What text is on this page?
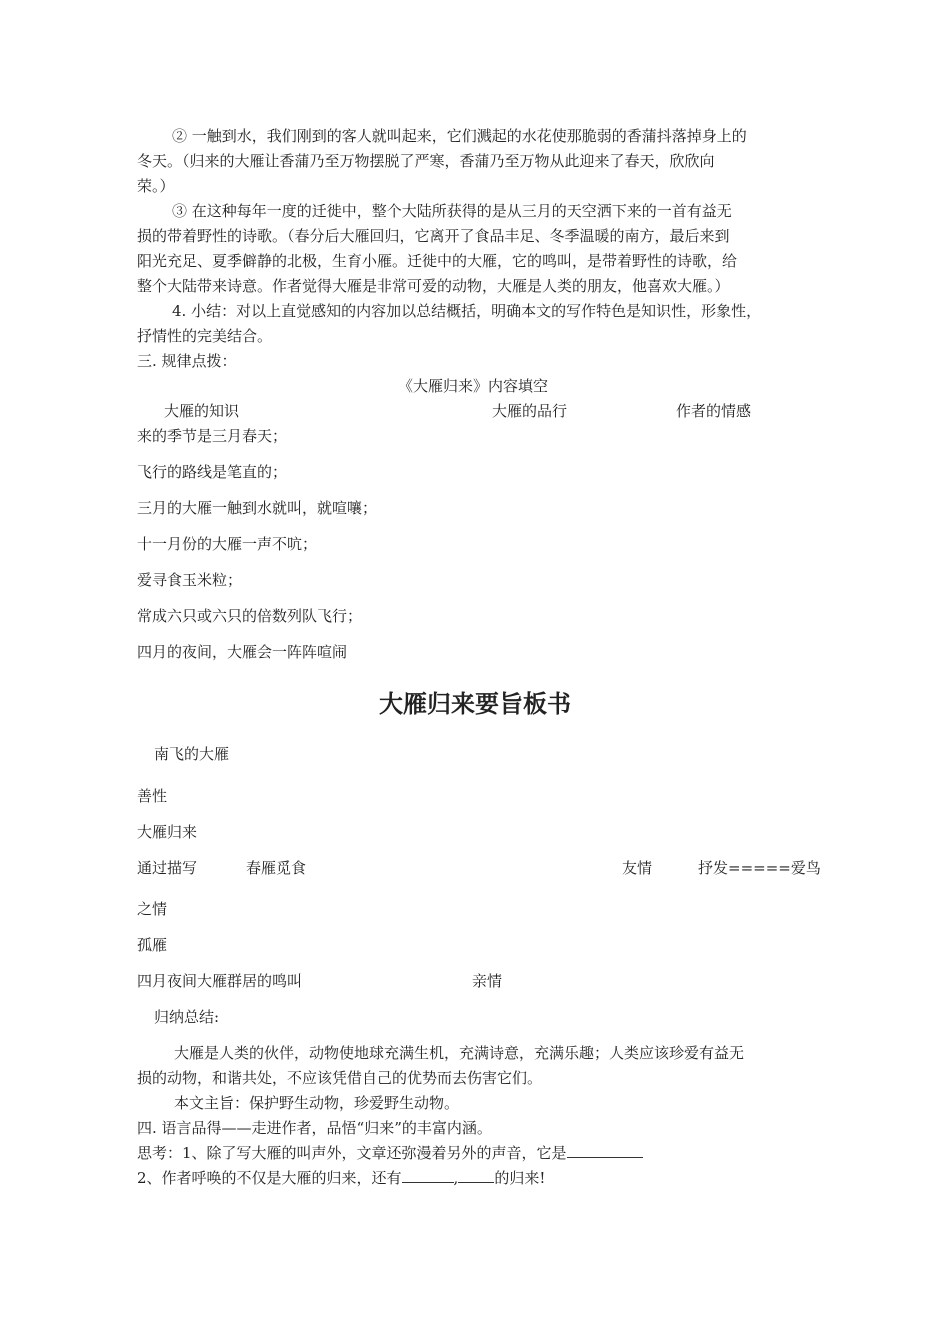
② 一触到水，我们刚到的客人就叫起来，它们溅起的水花使那脆弱的香蒲抖落掉身上的
冬天。（归来的大雁让香蒲乃至万物摆脱了严寒，香蒲乃至万物从此迎来了春天，欣欣向
荣。）
③ 在这种每年一度的迁徙中，整个大陆所获得的是从三月的天空洒下来的一首有益无
损的带着野性的诗歌。（春分后大雁回归，它离开了食品丰足、冬季温暖的南方，最后来到
阳光充足、夏季僻静的北极，生育小雁。迁徙中的大雁，它的鸣叫，是带着野性的诗歌，给
整个大陆带来诗意。作者觉得大雁是非常可爱的动物，大雁是人类的朋友，他喜欢大雁。）
4. 小结：对以上直觉感知的内容加以总结概括，明确本文的写作特色是知识性，形象性，
抒情性的完美结合。
三. 规律点拨：
《大雁归来》内容填空
大雁的知识	大雁的品行	作者的情感
来的季节是三月春天；
飞行的路线是笔直的；
三月的大雁一触到水就叫，就喧嚷；
十一月份的大雁一声不吭；
爱寻食玉米粒；
常成六只或六只的倍数列队飞行；
四月的夜间，大雁会一阵阵喧闹
大雁归来要旨板书
南飞的大雁
善性
大雁归来
通过描写	春雁觅食	友情	抒发=====爱鸟
之情
孤雁
四月夜间大雁群居的鸣叫	亲情
归纳总结:
大雁是人类的伙伴，动物使地球充满生机，充满诗意，充满乐趣；人类应该珍爱有益无
损的动物，和谐共处，不应该凭借自己的优势而去伤害它们。
本文主旨：保护野生动物，珍爱野生动物。
四. 语言品得——走进作者，品悟“归来”的丰富内涵。
思考：1、除了写大雁的叫声外，文章还弥漫着另外的声音，它是
2、作者呼唤的不仅是大雁的归来，还有	, 的归来!
